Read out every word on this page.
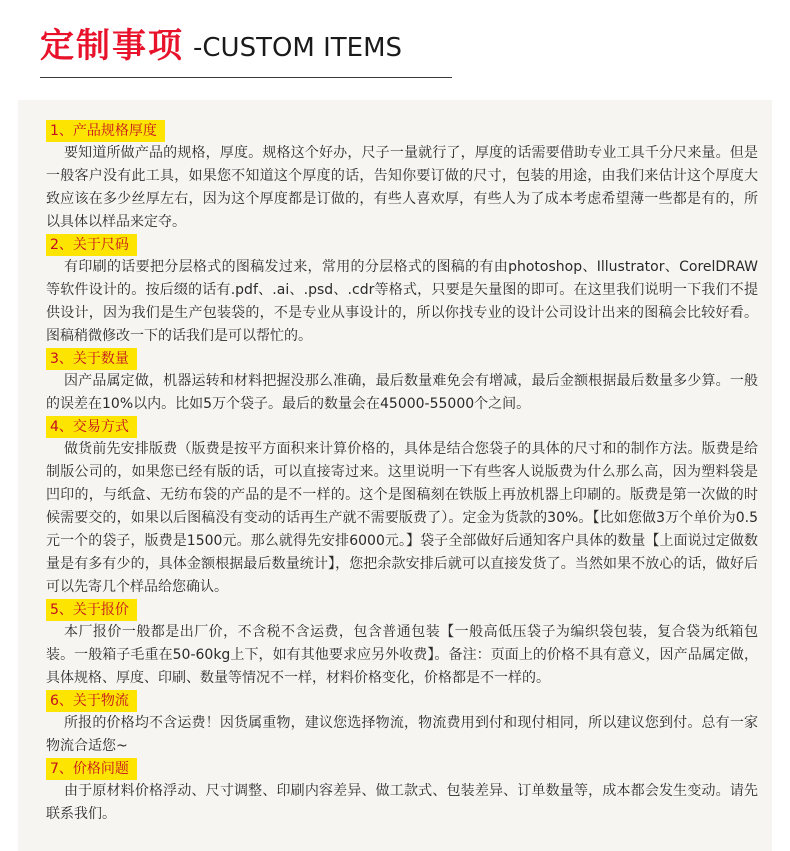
定制事项 -CUSTOM ITEMS
1、产品规格厚度

要知道所做产品的规格，厚度。规格这个好办，尺子一量就行了，厚度的话需要借助专业工具千分尺来量。但是一般客户没有此工具，如果您不知道这个厚度的话，告知你要订做的尺寸，包装的用途，由我们来估计这个厚度大致应该在多少丝厚左右，因为这个厚度都是订做的，有些人喜欢厚，有些人为了成本考虑希望薄一些都是有的，所以具体以样品来定夺。

2、关于尺码

有印刷的话要把分层格式的图稿发过来，常用的分层格式的图稿的有由photoshop、Illustrator、CorelDRAW等软件设计的。按后缀的话有.pdf、.ai、.psd、.cdr等格式，只要是矢量图的即可。在这里我们说明一下我们不提供设计，因为我们是生产包装袋的，不是专业从事设计的，所以你找专业的设计公司设计出来的图稿会比较好看。图稿稍微修改一下的话我们是可以帮忙的。

3、关于数量

因产品属定做，机器运转和材料把握没那么准确，最后数量难免会有增减，最后金额根据最后数量多少算。一般的误差在10%以内。比如5万个袋子。最后的数量会在45000-55000个之间。

4、交易方式

做货前先安排版费（版费是按平方面积来计算价格的，具体是结合您袋子的具体的尺寸和的制作方法。版费是给制版公司的，如果您已经有版的话，可以直接寄过来。这里说明一下有些客人说版费为什么那么高，因为塑料袋是凹印的，与纸盒、无纺布袋的产品的是不一样的。这个是图稿刻在铁版上再放机器上印刷的。版费是第一次做的时候需要交的，如果以后图稿没有变动的话再生产就不需要版费了）。定金为货款的30%。【比如您做3万个单价为0.5元一个的袋子，版费是1500元。那么就得先安排6000元。】袋子全部做好后通知客户具体的数量【上面说过定做数量是有多有少的，具体金额根据最后数量统计】，您把余款安排后就可以直接发货了。当然如果不放心的话，做好后可以先寄几个样品给您确认。

5、关于报价

本厂报价一般都是出厂价，不含税不含运费，包含普通包装【一般高低压袋子为编织袋包装，复合袋为纸箱包装。一般箱子毛重在50-60kg上下，如有其他要求应另外收费】。备注：页面上的价格不具有意义，因产品属定做，具体规格、厚度、印刷、数量等情况不一样，材料价格变化，价格都是不一样的。

6、关于物流

所报的价格均不含运费！因货属重物，建议您选择物流，物流费用到付和现付相同，所以建议您到付。总有一家物流合适您~

7、价格问题

由于原材料价格浮动、尺寸调整、印刷内容差异、做工款式、包装差异、订单数量等，成本都会发生变动。请先联系我们。
